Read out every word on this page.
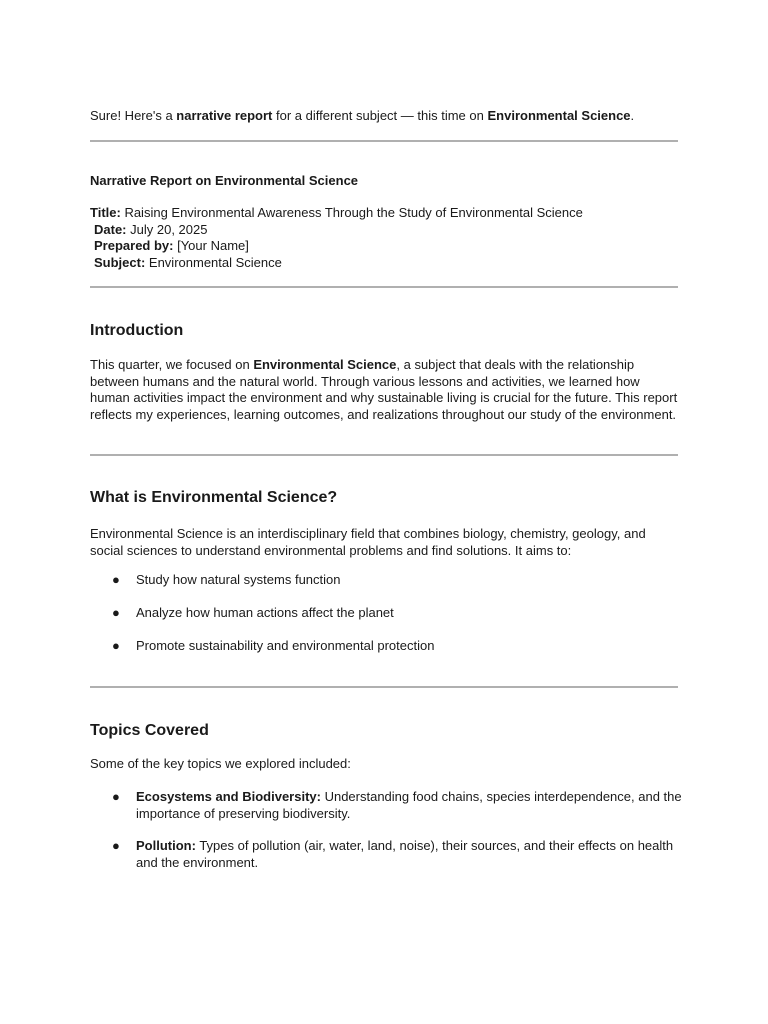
Sure! Here's a narrative report for a different subject — this time on Environmental Science.
Narrative Report on Environmental Science
Title: Raising Environmental Awareness Through the Study of Environmental Science
Date: July 20, 2025
Prepared by: [Your Name]
Subject: Environmental Science
Introduction
This quarter, we focused on Environmental Science, a subject that deals with the relationship between humans and the natural world. Through various lessons and activities, we learned how human activities impact the environment and why sustainable living is crucial for the future. This report reflects my experiences, learning outcomes, and realizations throughout our study of the environment.
What is Environmental Science?
Environmental Science is an interdisciplinary field that combines biology, chemistry, geology, and social sciences to understand environmental problems and find solutions. It aims to:
● Study how natural systems function
● Analyze how human actions affect the planet
● Promote sustainability and environmental protection
Topics Covered
Some of the key topics we explored included:
● Ecosystems and Biodiversity: Understanding food chains, species interdependence, and the importance of preserving biodiversity.
● Pollution: Types of pollution (air, water, land, noise), their sources, and their effects on health and the environment.
